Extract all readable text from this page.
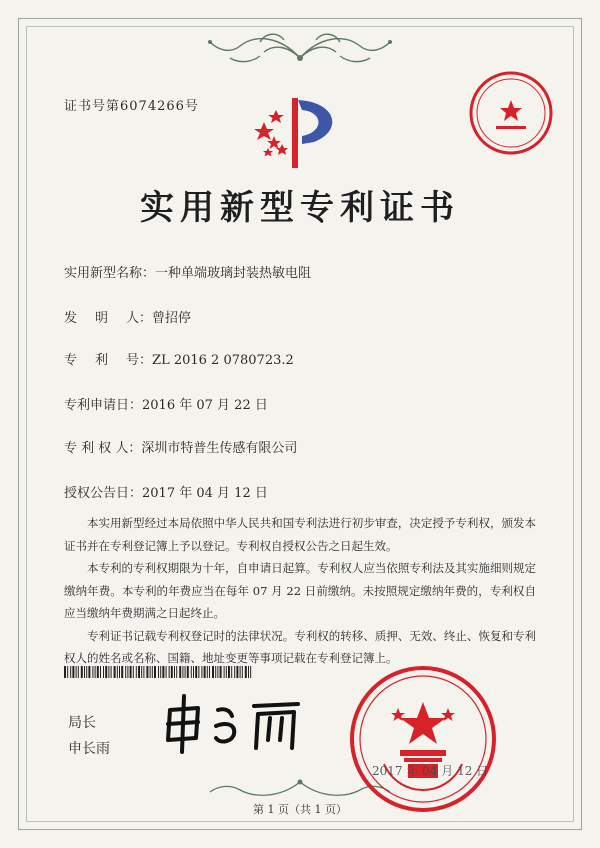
证书号第6074266号
实用新型专利证书
实用新型名称：一种单端玻璃封装热敏电阻
发 明 人：曾招停
专 利 号：ZL 2016 2 0780723.2
专利申请日：2016 年 07 月 22 日
专 利 权 人：深圳市特普生传感有限公司
授权公告日：2017 年 04 月 12 日

本实用新型经过本局依照中华人民共和国专利法进行初步审查，决定授予专利权，颁发本证书并在专利登记簿上予以登记。专利权自授权公告之日起生效。

本专利的专利权期限为十年，自申请日起算。专利权人应当依照专利法及其实施细则规定缴纳年费。本专利的年费应当在每年 07 月 22 日前缴纳。未按照规定缴纳年费的，专利权自应当缴纳年费期满之日起终止。

专利证书记载专利权登记时的法律状况。专利权的转移、质押、无效、终止、恢复和专利权人的姓名或名称、国籍、地址变更等事项记载在专利登记簿上。

局长
申长雨
2017 年 04 月 12 日
第 1 页（共 1 页）
